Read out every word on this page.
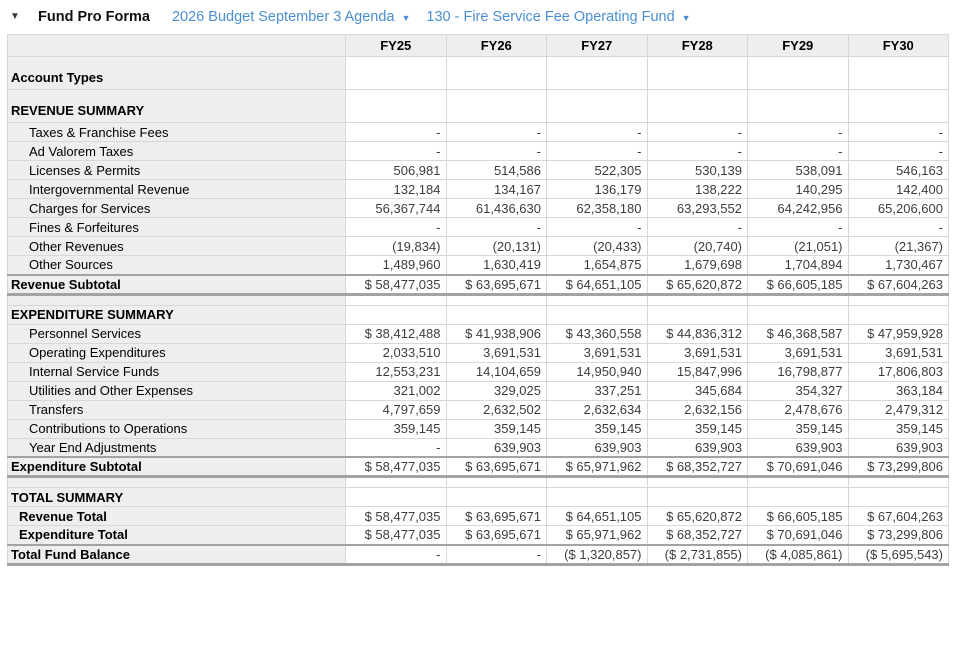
▼ Fund Pro Forma 2026 Budget September 3 Agenda ▼ 130 - Fire Service Fee Operating Fund ▼
	FY25	FY26	FY27	FY28	FY29	FY30
Account Types						
REVENUE SUMMARY						
Taxes & Franchise Fees	-	-	-	-	-	-
Ad Valorem Taxes	-	-	-	-	-	-
Licenses & Permits	506,981	514,586	522,305	530,139	538,091	546,163
Intergovernmental Revenue	132,184	134,167	136,179	138,222	140,295	142,400
Charges for Services	56,367,744	61,436,630	62,358,180	63,293,552	64,242,956	65,206,600
Fines & Forfeitures	-	-	-	-	-	-
Other Revenues	(19,834)	(20,131)	(20,433)	(20,740)	(21,051)	(21,367)
Other Sources	1,489,960	1,630,419	1,654,875	1,679,698	1,704,894	1,730,467
Revenue Subtotal	$ 58,477,035	$ 63,695,671	$ 64,651,105	$ 65,620,872	$ 66,605,185	$ 67,604,263

EXPENDITURE SUMMARY						
Personnel Services	$ 38,412,488	$ 41,938,906	$ 43,360,558	$ 44,836,312	$ 46,368,587	$ 47,959,928
Operating Expenditures	2,033,510	3,691,531	3,691,531	3,691,531	3,691,531	3,691,531
Internal Service Funds	12,553,231	14,104,659	14,950,940	15,847,996	16,798,877	17,806,803
Utilities and Other Expenses	321,002	329,025	337,251	345,684	354,327	363,184
Transfers	4,797,659	2,632,502	2,632,634	2,632,156	2,478,676	2,479,312
Contributions to Operations	359,145	359,145	359,145	359,145	359,145	359,145
Year End Adjustments	-	639,903	639,903	639,903	639,903	639,903
Expenditure Subtotal	$ 58,477,035	$ 63,695,671	$ 65,971,962	$ 68,352,727	$ 70,691,046	$ 73,299,806

TOTAL SUMMARY						
Revenue Total	$ 58,477,035	$ 63,695,671	$ 64,651,105	$ 65,620,872	$ 66,605,185	$ 67,604,263
Expenditure Total	$ 58,477,035	$ 63,695,671	$ 65,971,962	$ 68,352,727	$ 70,691,046	$ 73,299,806
Total Fund Balance	-	-	($ 1,320,857)	($ 2,731,855)	($ 4,085,861)	($ 5,695,543)
